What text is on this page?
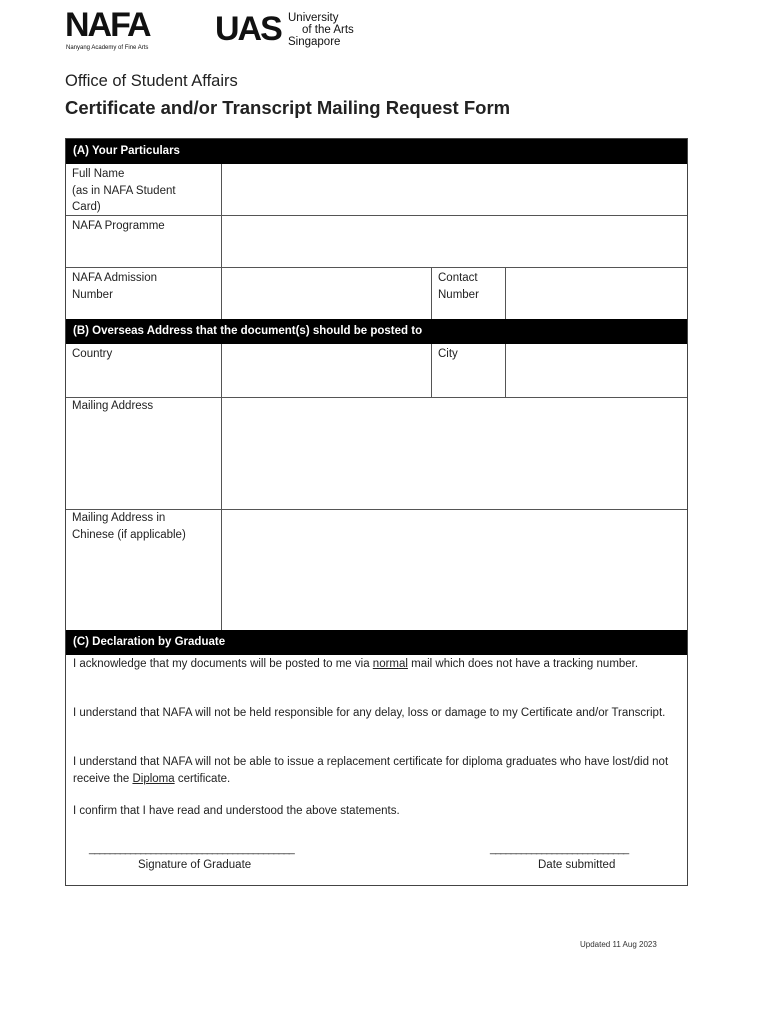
NAFA
Nanyang Academy of Fine Arts UAS University
of the Arts
Singapore
Office of Student Affairs
Certificate and/or Transcript Mailing Request Form
(A) Your Particulars
Full Name
(as in NAFA Student
Card)
NAFA Programme
NAFA Admission
Number
Contact
Number
(B) Overseas Address that the document(s) should be posted to
Country	City
Mailing Address
Mailing Address in
Chinese (if applicable)
(C) Declaration by Graduate
I acknowledge that my documents will be posted to me via normal mail which does not have a tracking number.
I understand that NAFA will not be held responsible for any delay, loss or damage to my Certificate and/or Transcript.
I understand that NAFA will not be able to issue a replacement certificate for diploma graduates who have lost/did not receive the Diploma certificate.
I confirm that I have read and understood the above statements.
________________________________________
Signature of Graduate
___________________________
Date submitted
Updated 11 Aug 2023
